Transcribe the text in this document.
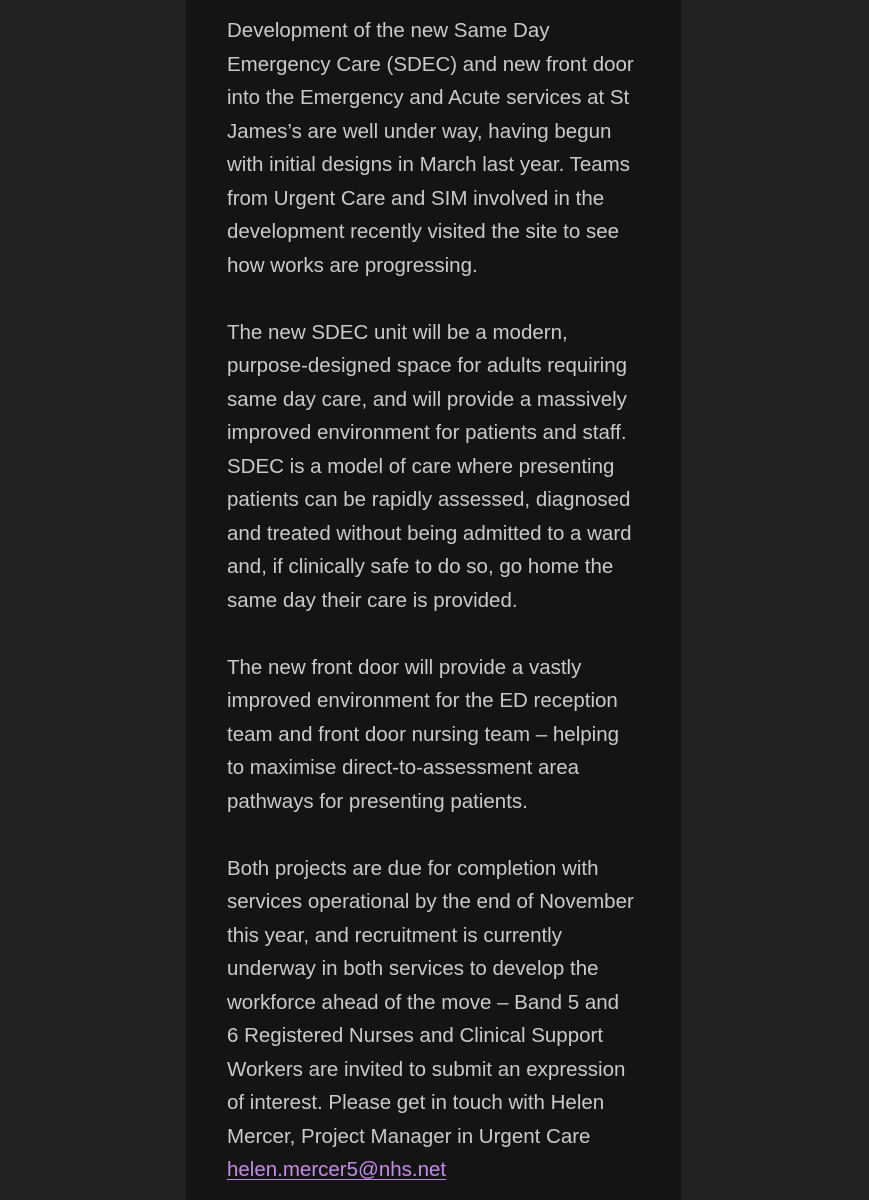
Development of the new Same Day
Emergency Care (SDEC) and new front door
into the Emergency and Acute services at St
James’s are well under way, having begun
with initial designs in March last year. Teams
from Urgent Care and SIM involved in the
development recently visited the site to see
how works are progressing.

The new SDEC unit will be a modern,
purpose-designed space for adults requiring
same day care, and will provide a massively
improved environment for patients and staff.
SDEC is a model of care where presenting
patients can be rapidly assessed, diagnosed
and treated without being admitted to a ward
and, if clinically safe to do so, go home the
same day their care is provided.

The new front door will provide a vastly
improved environment for the ED reception
team and front door nursing team – helping
to maximise direct-to-assessment area
pathways for presenting patients.

Both projects are due for completion with
services operational by the end of November
this year, and recruitment is currently
underway in both services to develop the
workforce ahead of the move – Band 5 and
6 Registered Nurses and Clinical Support
Workers are invited to submit an expression
of interest. Please get in touch with Helen
Mercer, Project Manager in Urgent Care
helen.mercer5@nhs.net
